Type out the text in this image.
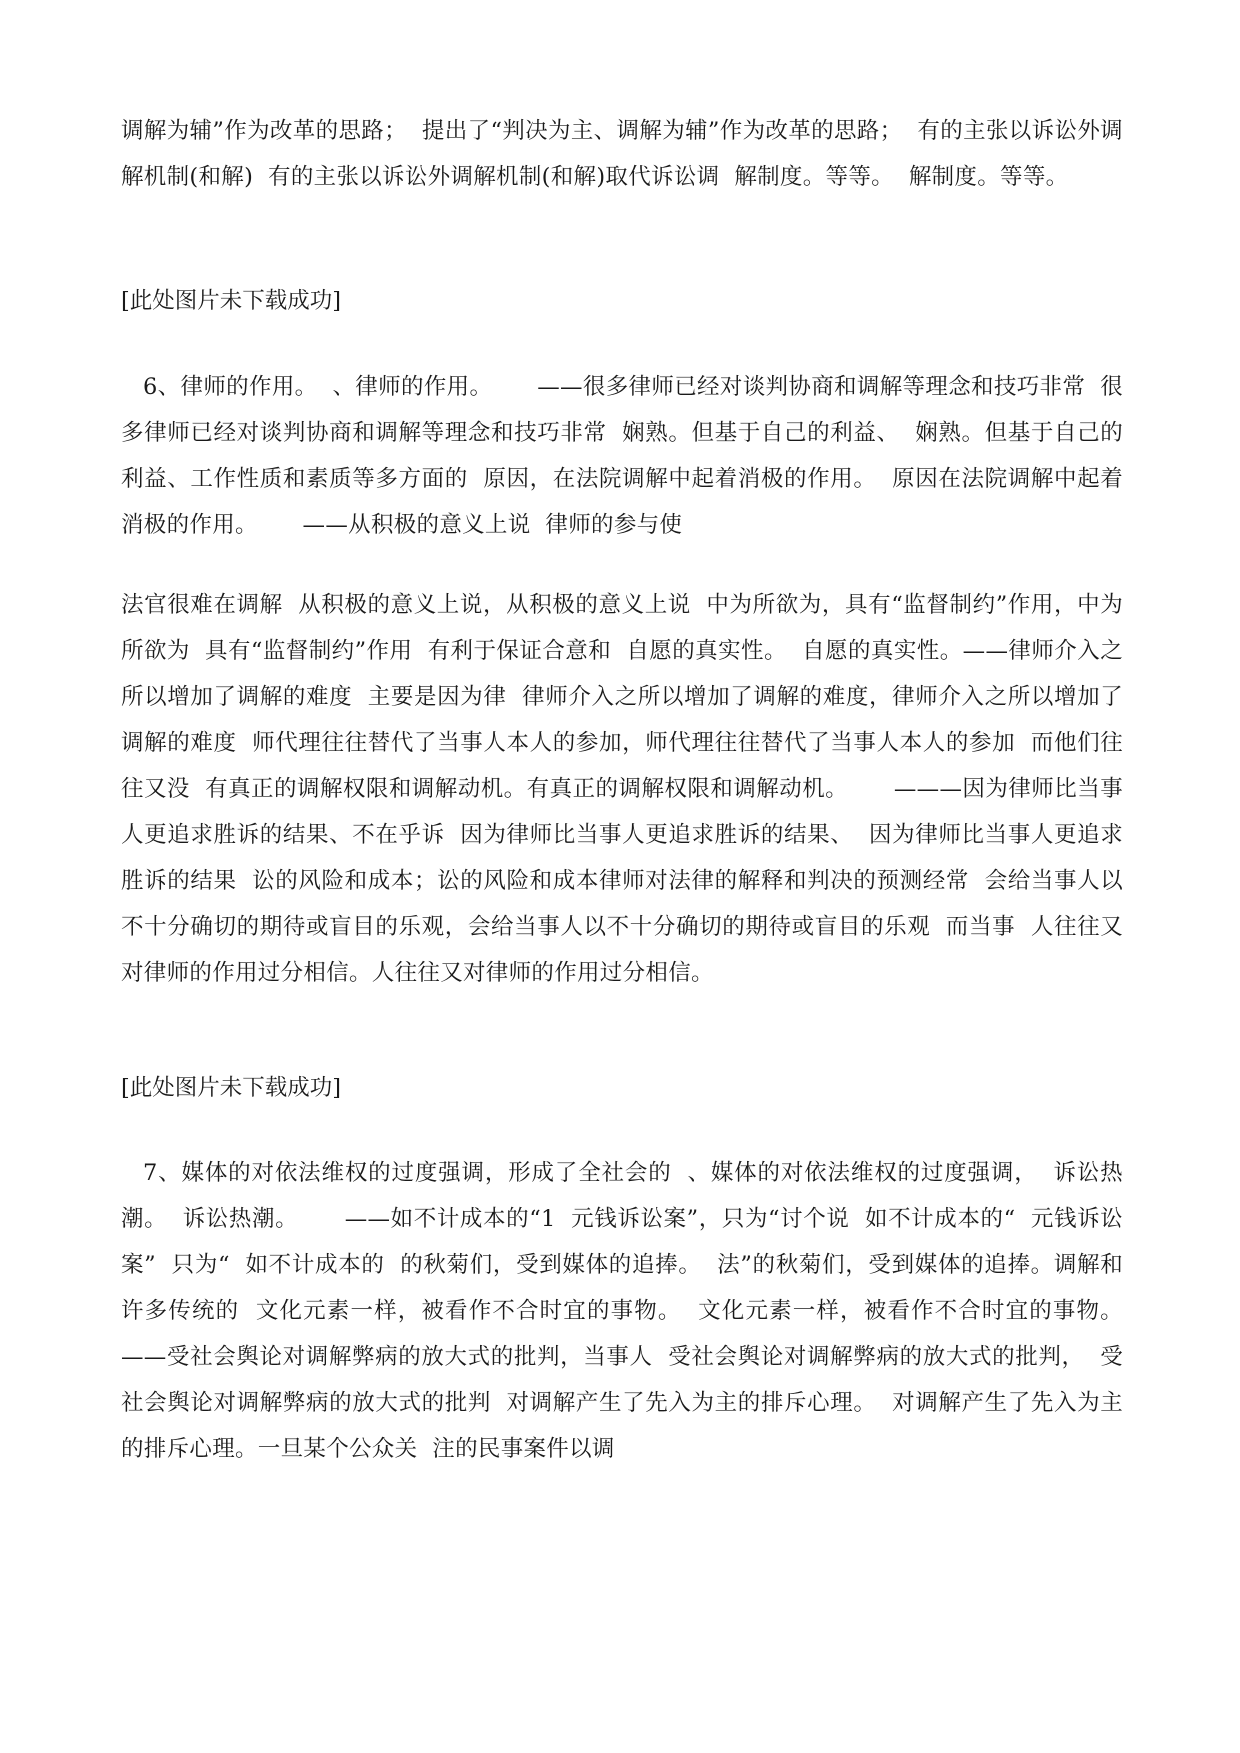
调解为辅”作为改革的思路；  提出了“判决为主、调解为辅”作为改革的思路；  有的主张以诉讼外调解机制(和解)  有的主张以诉讼外调解机制(和解)取代诉讼调  解制度。等等。  解制度。等等。

[此处图片未下载成功]

6、律师的作用。  、律师的作用。      ——很多律师已经对谈判协商和调解等理念和技巧非常  很多律师已经对谈判协商和调解等理念和技巧非常  娴熟。但基于自己的利益、  娴熟。但基于自己的利益、工作性质和素质等多方面的  原因，在法院调解中起着消极的作用。  原因在法院调解中起着消极的作用。      ——从积极的意义上说  律师的参与使

法官很难在调解  从积极的意义上说，从积极的意义上说  中为所欲为，具有“监督制约”作用，中为所欲为  具有“监督制约”作用  有利于保证合意和  自愿的真实性。  自愿的真实性。——律师介入之所以增加了调解的难度  主要是因为律  律师介入之所以增加了调解的难度，律师介入之所以增加了调解的难度  师代理往往替代了当事人本人的参加，师代理往往替代了当事人本人的参加  而他们往往又没  有真正的调解权限和调解动机。有真正的调解权限和调解动机。      ———因为律师比当事人更追求胜诉的结果、不在乎诉  因为律师比当事人更追求胜诉的结果、  因为律师比当事人更追求胜诉的结果  讼的风险和成本；讼的风险和成本律师对法律的解释和判决的预测经常  会给当事人以不十分确切的期待或盲目的乐观，会给当事人以不十分确切的期待或盲目的乐观  而当事  人往往又对律师的作用过分相信。人往往又对律师的作用过分相信。

[此处图片未下载成功]

7、媒体的对依法维权的过度强调，形成了全社会的  、媒体的对依法维权的过度强调，  诉讼热潮。  诉讼热潮。      ——如不计成本的“1  元钱诉讼案”，只为“讨个说  如不计成本的“  元钱诉讼案”  只为“  如不计成本的  的秋菊们，受到媒体的追捧。  法”的秋菊们，受到媒体的追捧。调解和许多传统的  文化元素一样，被看作不合时宜的事物。  文化元素一样，被看作不合时宜的事物。      ——受社会舆论对调解弊病的放大式的批判，当事人  受社会舆论对调解弊病的放大式的批判，  受社会舆论对调解弊病的放大式的批判  对调解产生了先入为主的排斥心理。  对调解产生了先入为主的排斥心理。一旦某个公众关  注的民事案件以调
